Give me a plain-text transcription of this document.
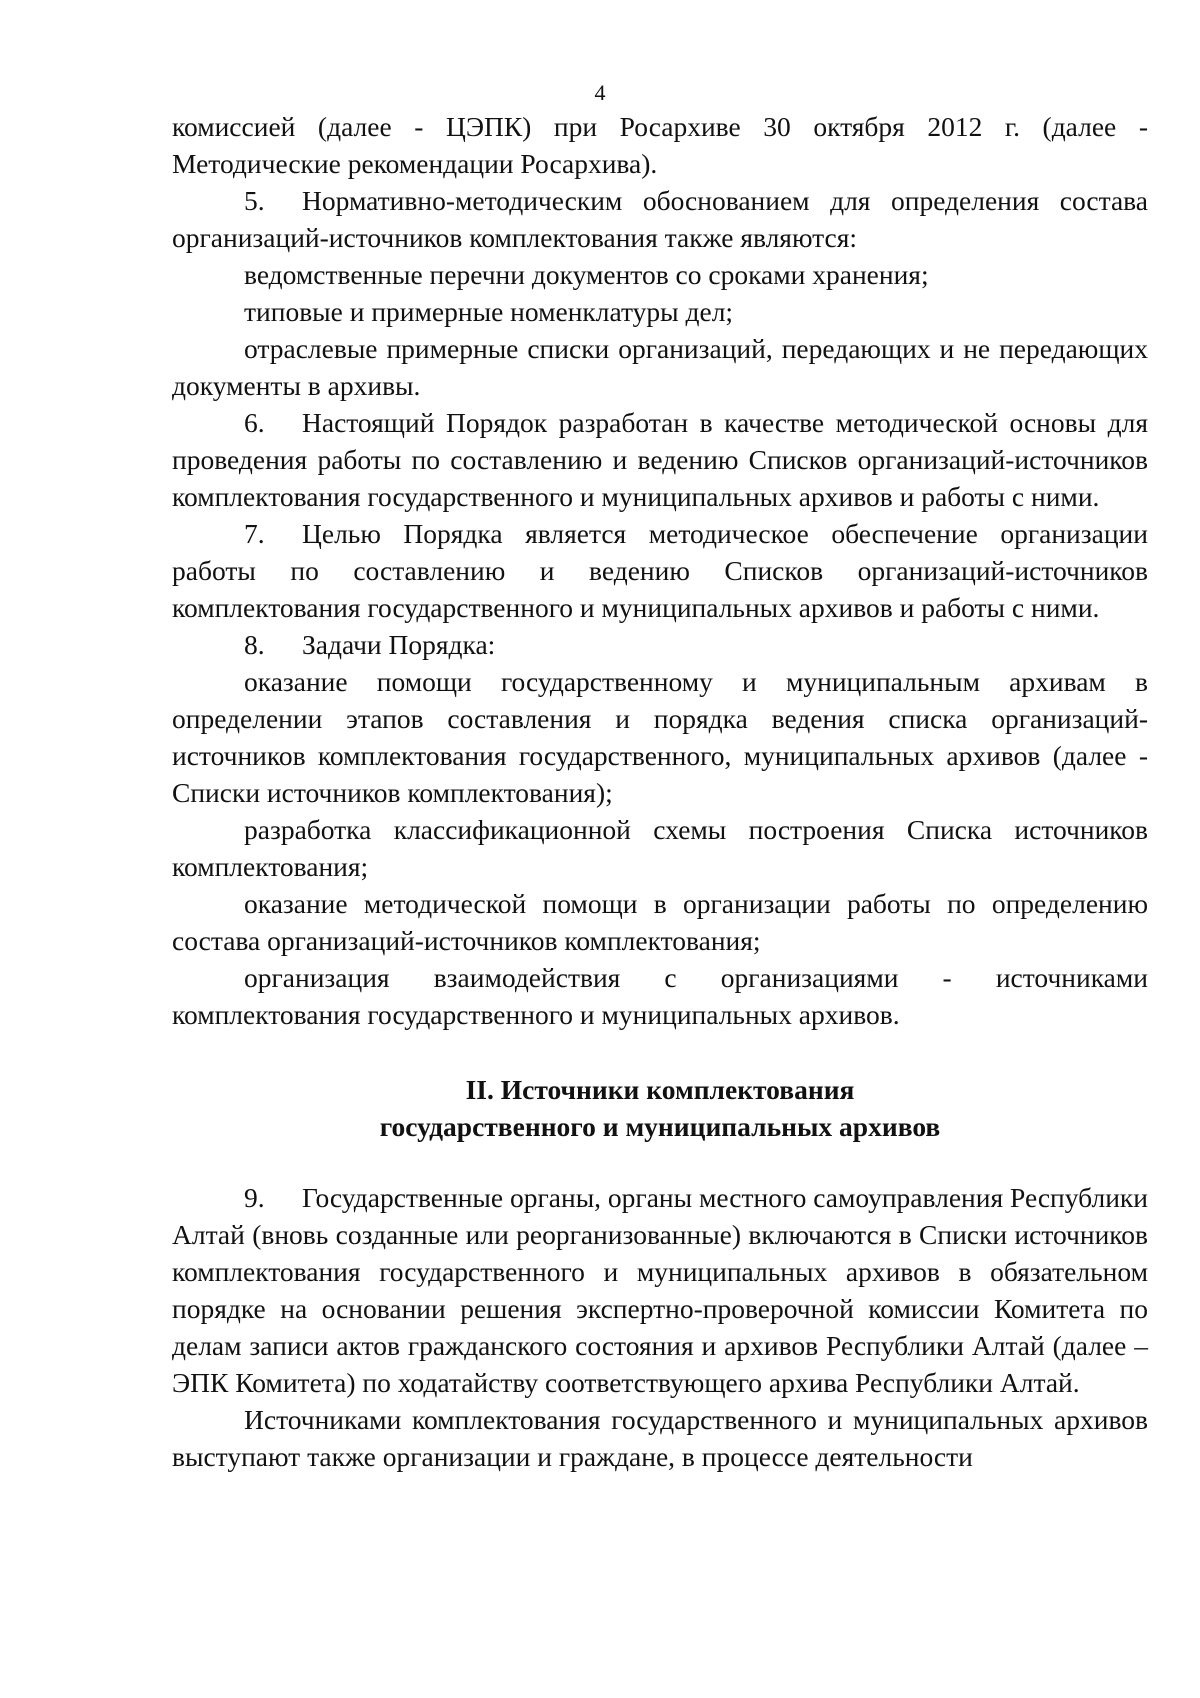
4

комиссией (далее - ЦЭПК) при Росархиве 30 октября 2012 г. (далее - Методические рекомендации Росархива).

5. Нормативно-методическим обоснованием для определения состава организаций-источников комплектования также являются:

ведомственные перечни документов со сроками хранения;

типовые и примерные номенклатуры дел;

отраслевые примерные списки организаций, передающих и не передающих документы в архивы.

6. Настоящий Порядок разработан в качестве методической основы для проведения работы по составлению и ведению Списков организаций-источников комплектования государственного и муниципальных архивов и работы с ними.

7. Целью Порядка является методическое обеспечение организации работы по составлению и ведению Списков организаций-источников комплектования государственного и муниципальных архивов и работы с ними.

8. Задачи Порядка:

оказание помощи государственному и муниципальным архивам в определении этапов составления и порядка ведения списка организаций-источников комплектования государственного, муниципальных архивов (далее - Списки источников комплектования);

разработка классификационной схемы построения Списка источников комплектования;

оказание методической помощи в организации работы по определению состава организаций-источников комплектования;

организация взаимодействия с организациями - источниками комплектования государственного и муниципальных архивов.

II. Источники комплектования

государственного и муниципальных архивов

9. Государственные органы, органы местного самоуправления Республики Алтай (вновь созданные или реорганизованные) включаются в Списки источников комплектования государственного и муниципальных архивов в обязательном порядке на основании решения экспертно-проверочной комиссии Комитета по делам записи актов гражданского состояния и архивов Республики Алтай (далее – ЭПК Комитета) по ходатайству соответствующего архива Республики Алтай.

Источниками комплектования государственного и муниципальных архивов выступают также организации и граждане, в процессе деятельности
